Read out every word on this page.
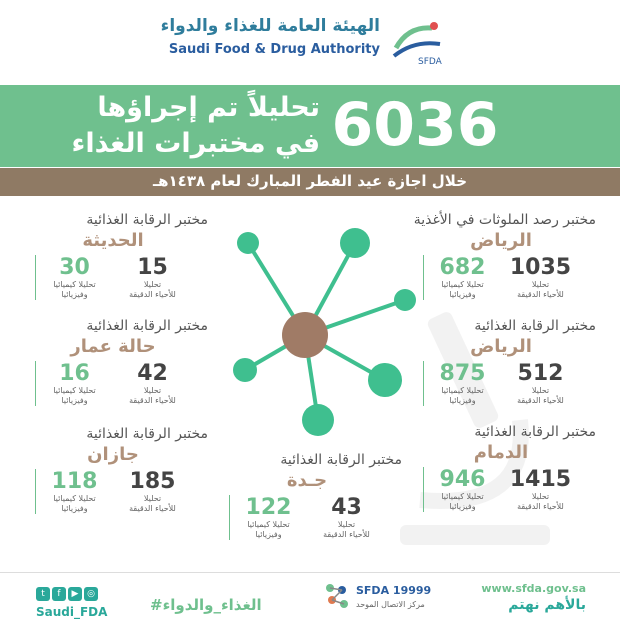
الهيئة العامة للغذاء والدواء
Saudi Food & Drug Authority
SFDA
6036
تحليلاً تم إجراؤها
في مختبرات الغذاء
خلال اجازة عيد الفطر المبارك لعام ١٤٣٨هـ
مختبر رصد الملوثات في الأغذية
الرياض
1035
تحليلا
للأحياء الدقيقة
682
تحليلا كيميائيا
وفيزيائيا
مختبر الرقابة الغذائية
الرياض
512
تحليلا
للأحياء الدقيقة
875
تحليلا كيميائيا
وفيزيائيا
مختبر الرقابة الغذائية
الدمام
1415
تحليلا
للأحياء الدقيقة
946
تحليلا كيميائيا
وفيزيائيا
مختبر الرقابة الغذائية
الحديثة
15
تحليلا
للأحياء الدقيقة
30
تحليلا كيميائيا
وفيزيائيا
مختبر الرقابة الغذائية
حالة عمار
42
تحليلا
للأحياء الدقيقة
16
تحليلا كيميائيا
وفيزيائيا
مختبر الرقابة الغذائية
جازان
185
تحليلا
للأحياء الدقيقة
118
تحليلا كيميائيا
وفيزيائيا
مختبر الرقابة الغذائية
جـدة
43
تحليلا
للأحياء الدقيقة
122
تحليلا كيميائيا
وفيزيائيا
t f ▶ ◎
Saudi_FDA	#الغذاء_والدواء
SFDA 19999
مركز الاتصال الموحد
www.sfda.gov.sa
بالأهم نهتم
